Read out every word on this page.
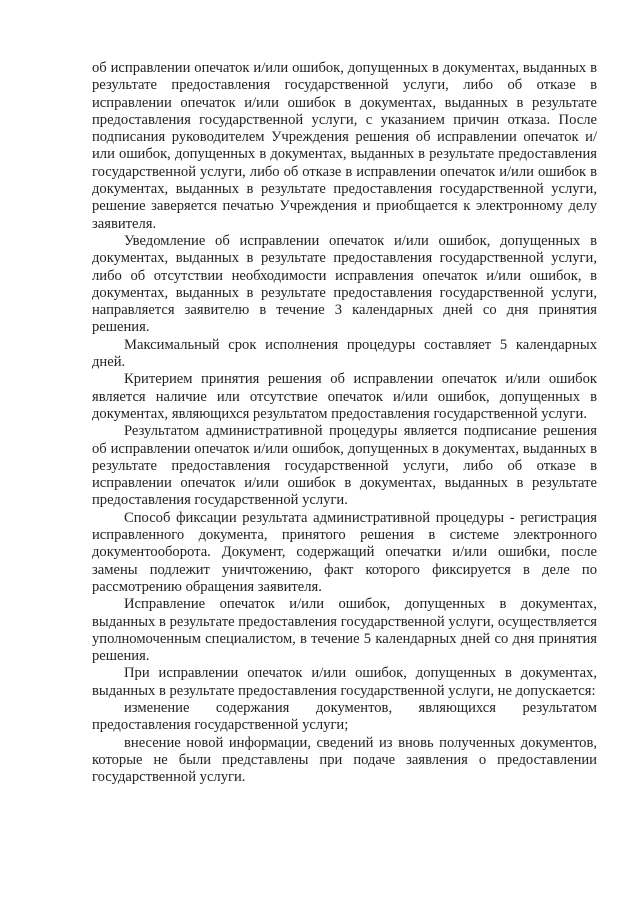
об исправлении опечаток и/или ошибок, допущенных в документах, выданных в результате предоставления государственной услуги, либо об отказе в исправлении опечаток и/или ошибок в документах, выданных в результате предоставления государственной услуги, с указанием причин отказа. После подписания руководителем Учреждения решения об исправлении опечаток и/или ошибок, допущенных в документах, выданных в результате предоставления государственной услуги, либо об отказе в исправлении опечаток и/или ошибок в документах, выданных в результате предоставления государственной услуги, решение заверяется печатью Учреждения и приобщается к электронному делу заявителя.

Уведомление об исправлении опечаток и/или ошибок, допущенных в документах, выданных в результате предоставления государственной услуги, либо об отсутствии необходимости исправления опечаток и/или ошибок, в документах, выданных в результате предоставления государственной услуги, направляется заявителю в течение 3 календарных дней со дня принятия решения.

Максимальный срок исполнения процедуры составляет 5 календарных дней.

Критерием принятия решения об исправлении опечаток и/или ошибок является наличие или отсутствие опечаток и/или ошибок, допущенных в документах, являющихся результатом предоставления государственной услуги.

Результатом административной процедуры является подписание решения об исправлении опечаток и/или ошибок, допущенных в документах, выданных в результате предоставления государственной услуги, либо об отказе в исправлении опечаток и/или ошибок в документах, выданных в результате предоставления государственной услуги.

Способ фиксации результата административной процедуры - регистрация исправленного документа, принятого решения в системе электронного документооборота. Документ, содержащий опечатки и/или ошибки, после замены подлежит уничтожению, факт которого фиксируется в деле по рассмотрению обращения заявителя.

Исправление опечаток и/или ошибок, допущенных в документах, выданных в результате предоставления государственной услуги, осуществляется уполномоченным специалистом, в течение 5 календарных дней со дня принятия решения.

При исправлении опечаток и/или ошибок, допущенных в документах, выданных в результате предоставления государственной услуги, не допускается:

изменение содержания документов, являющихся результатом предоставления государственной услуги;

внесение новой информации, сведений из вновь полученных документов, которые не были представлены при подаче заявления о предоставлении государственной услуги.
